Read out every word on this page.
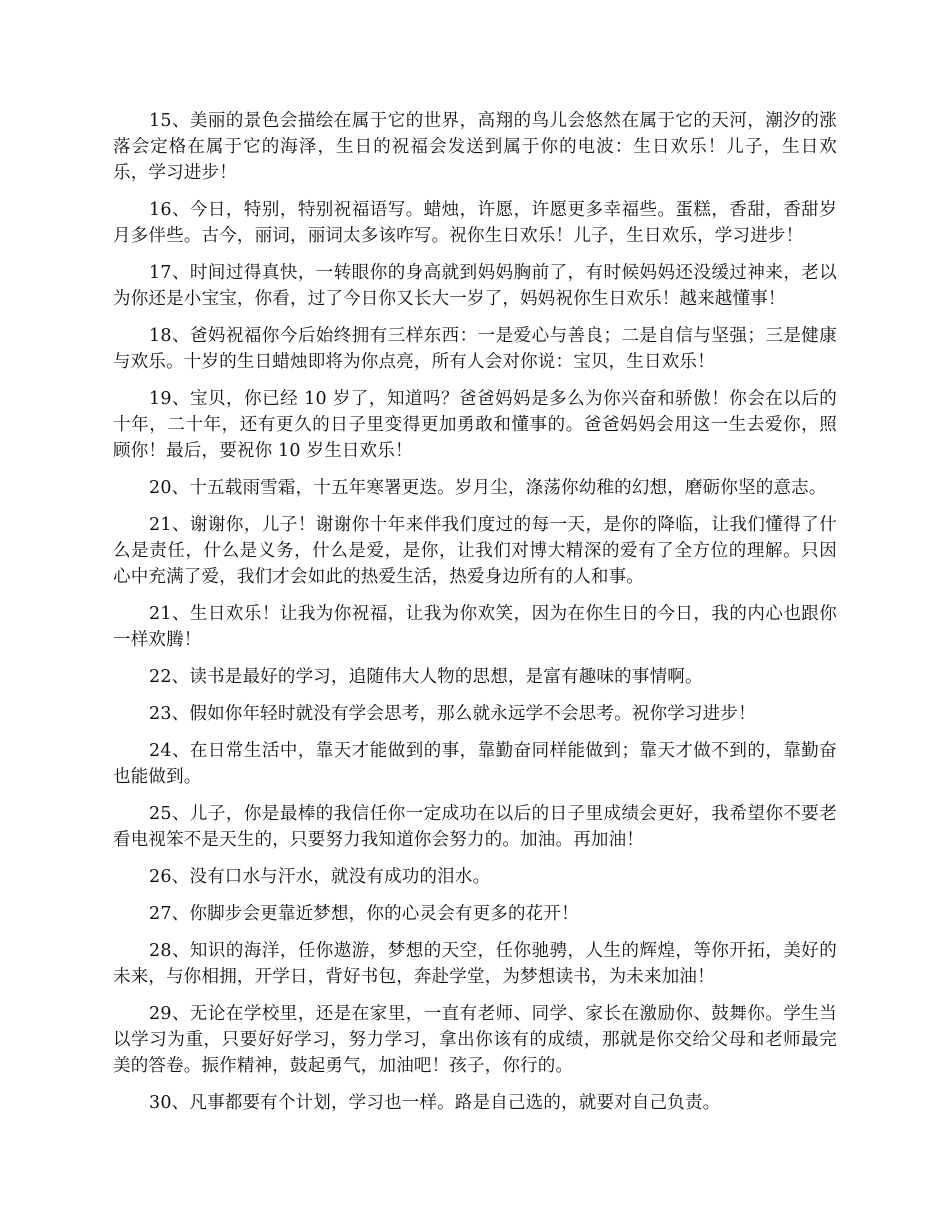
15、美丽的景色会描绘在属于它的世界，高翔的鸟儿会悠然在属于它的天河，潮汐的涨落会定格在属于它的海泽，生日的祝福会发送到属于你的电波：生日欢乐！儿子，生日欢乐，学习进步！

16、今日，特别，特别祝福语写。蜡烛，许愿，许愿更多幸福些。蛋糕，香甜，香甜岁月多伴些。古今，丽词，丽词太多该咋写。祝你生日欢乐！儿子，生日欢乐，学习进步！

17、时间过得真快，一转眼你的身高就到妈妈胸前了，有时候妈妈还没缓过神来，老以为你还是小宝宝，你看，过了今日你又长大一岁了，妈妈祝你生日欢乐！越来越懂事！

18、爸妈祝福你今后始终拥有三样东西：一是爱心与善良；二是自信与坚强；三是健康与欢乐。十岁的生日蜡烛即将为你点亮，所有人会对你说：宝贝，生日欢乐！

19、宝贝，你已经 10 岁了，知道吗？爸爸妈妈是多么为你兴奋和骄傲！你会在以后的十年，二十年，还有更久的日子里变得更加勇敢和懂事的。爸爸妈妈会用这一生去爱你，照顾你！最后，要祝你 10 岁生日欢乐！

20、十五载雨雪霜，十五年寒署更迭。岁月尘，涤荡你幼稚的幻想，磨砺你坚的意志。

21、谢谢你，儿子！谢谢你十年来伴我们度过的每一天，是你的降临，让我们懂得了什么是责任，什么是义务，什么是爱，是你，让我们对博大精深的爱有了全方位的理解。只因心中充满了爱，我们才会如此的热爱生活，热爱身边所有的人和事。

21、生日欢乐！让我为你祝福，让我为你欢笑，因为在你生日的今日，我的内心也跟你一样欢腾！

22、读书是最好的学习，追随伟大人物的思想，是富有趣味的事情啊。

23、假如你年轻时就没有学会思考，那么就永远学不会思考。祝你学习进步！

24、在日常生活中，靠天才能做到的事，靠勤奋同样能做到；靠天才做不到的，靠勤奋也能做到。

25、儿子，你是最棒的我信任你一定成功在以后的日子里成绩会更好，我希望你不要老看电视笨不是天生的，只要努力我知道你会努力的。加油。再加油！

26、没有口水与汗水，就没有成功的泪水。

27、你脚步会更靠近梦想，你的心灵会有更多的花开！

28、知识的海洋，任你遨游，梦想的天空，任你驰骋，人生的辉煌，等你开拓，美好的未来，与你相拥，开学日，背好书包，奔赴学堂，为梦想读书，为未来加油！

29、无论在学校里，还是在家里，一直有老师、同学、家长在激励你、鼓舞你。学生当以学习为重，只要好好学习，努力学习，拿出你该有的成绩，那就是你交给父母和老师最完美的答卷。振作精神，鼓起勇气，加油吧！孩子，你行的。

30、凡事都要有个计划，学习也一样。路是自己选的，就要对自己负责。
